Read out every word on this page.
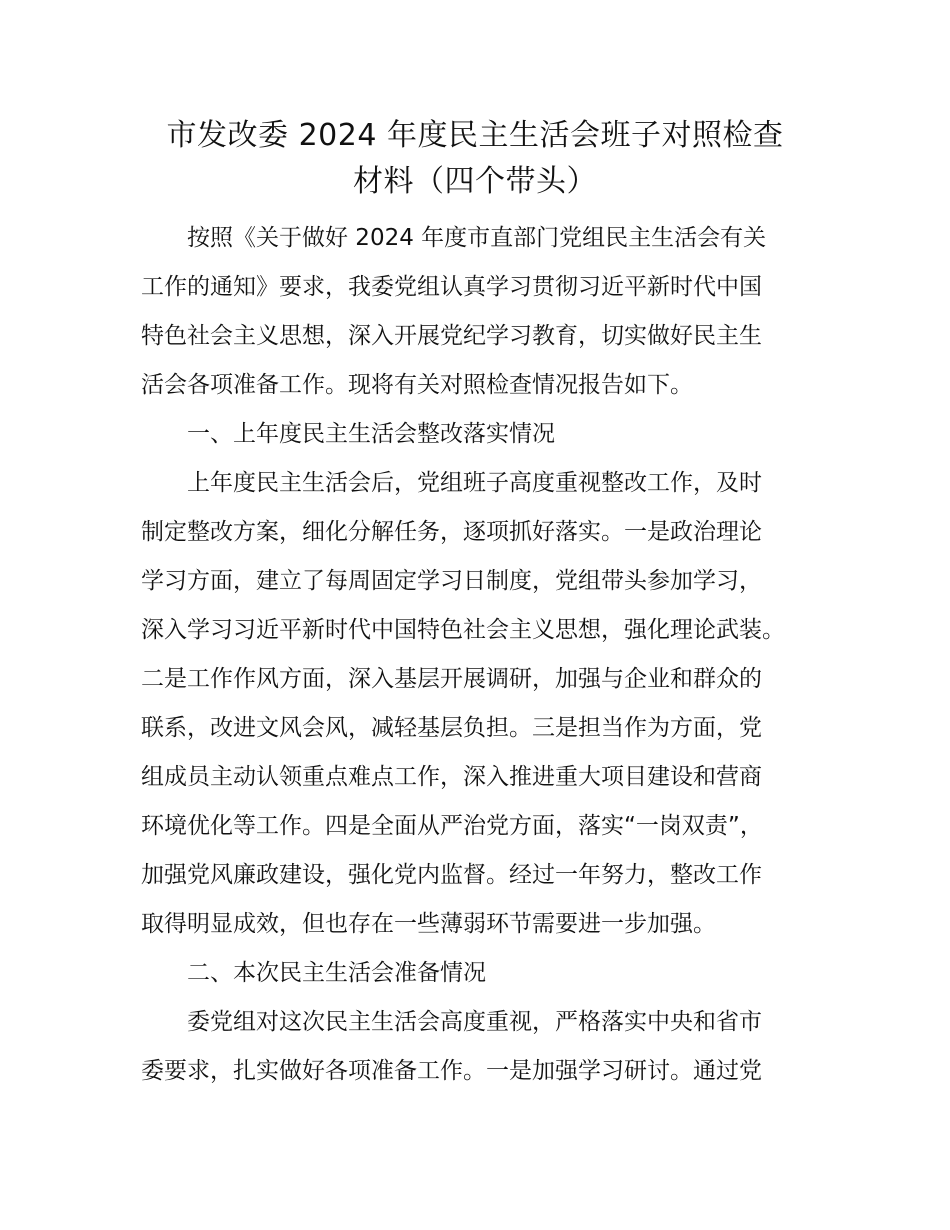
市发改委 2024 年度民主生活会班子对照检查
材料（四个带头）
按照《关于做好 2024 年度市直部门党组民主生活会有关
工作的通知》要求，我委党组认真学习贯彻习近平新时代中国
特色社会主义思想，深入开展党纪学习教育，切实做好民主生
活会各项准备工作。现将有关对照检查情况报告如下。
一、上年度民主生活会整改落实情况
上年度民主生活会后，党组班子高度重视整改工作，及时
制定整改方案，细化分解任务，逐项抓好落实。一是政治理论
学习方面，建立了每周固定学习日制度，党组带头参加学习，
深入学习习近平新时代中国特色社会主义思想，强化理论武装。
二是工作作风方面，深入基层开展调研，加强与企业和群众的
联系，改进文风会风，减轻基层负担。三是担当作为方面，党
组成员主动认领重点难点工作，深入推进重大项目建设和营商
环境优化等工作。四是全面从严治党方面，落实“一岗双责”，
加强党风廉政建设，强化党内监督。经过一年努力，整改工作
取得明显成效，但也存在一些薄弱环节需要进一步加强。
二、本次民主生活会准备情况
委党组对这次民主生活会高度重视，严格落实中央和省市
委要求，扎实做好各项准备工作。一是加强学习研讨。通过党
